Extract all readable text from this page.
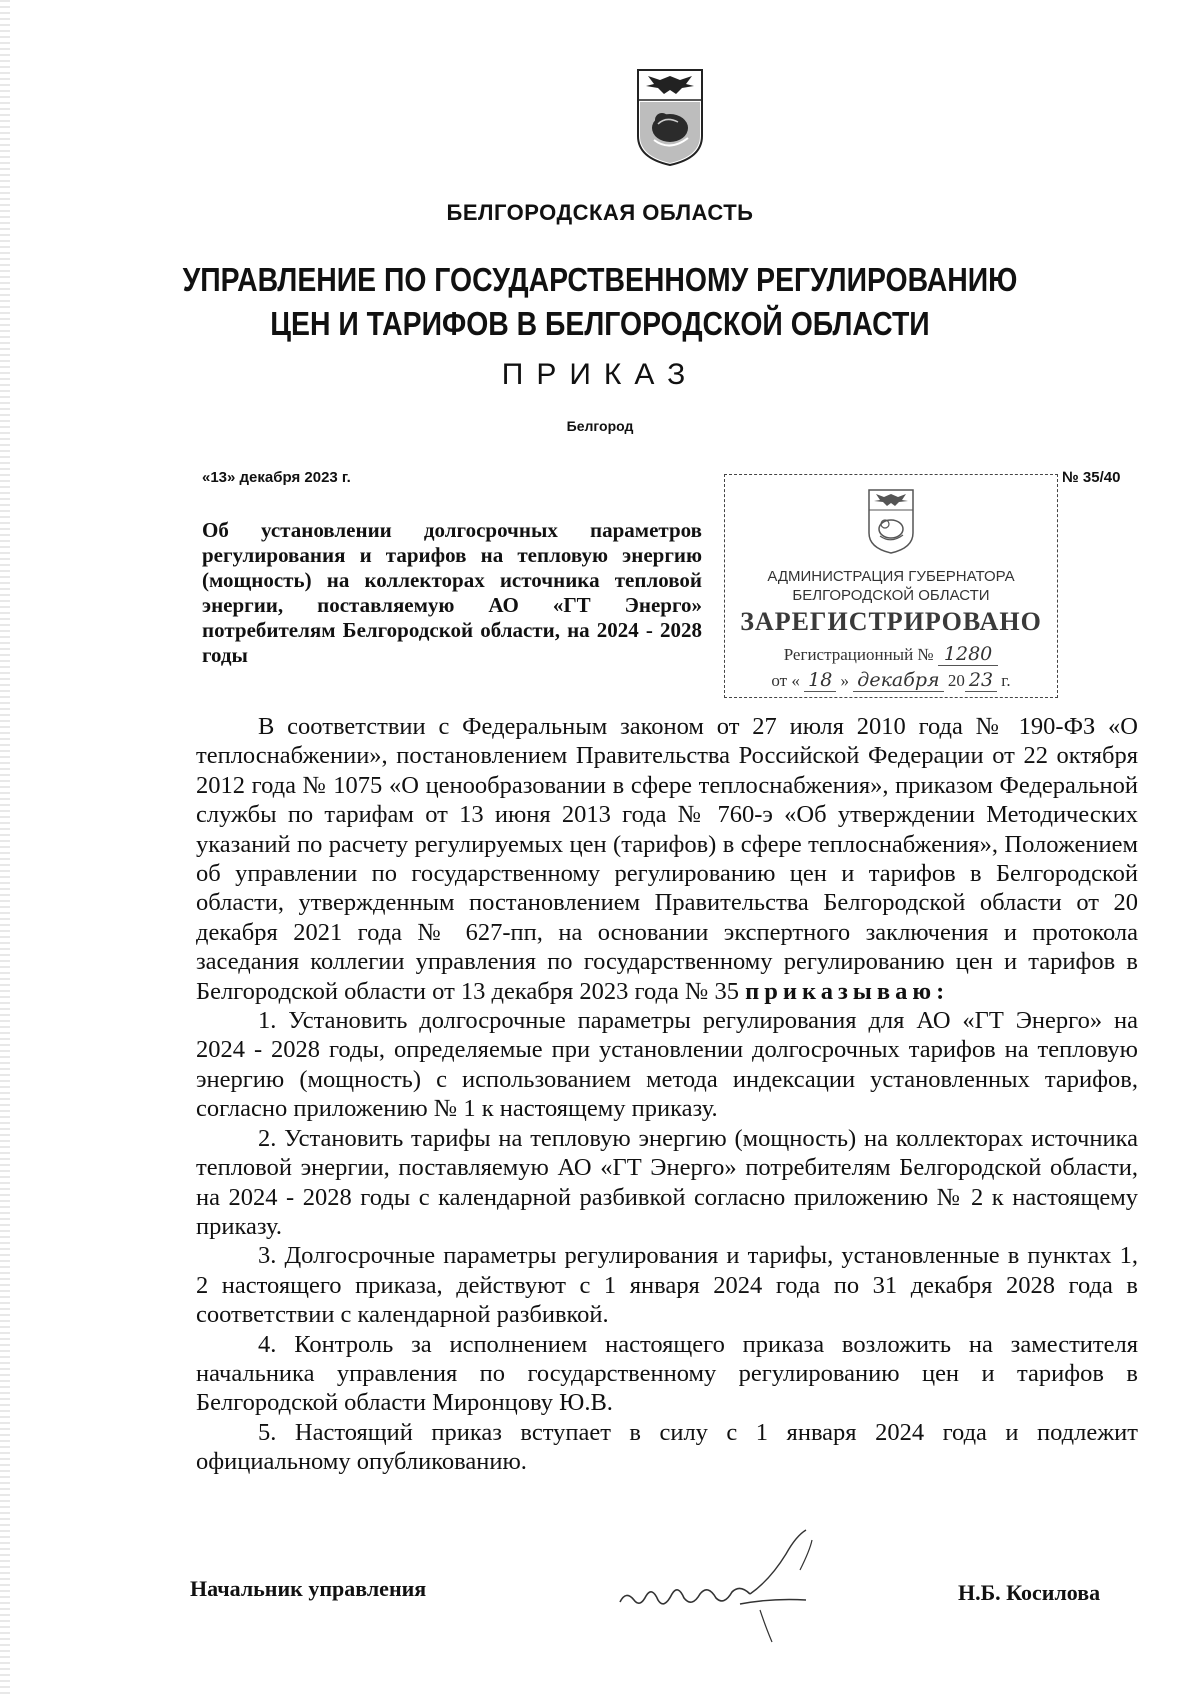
БЕЛГОРОДСКАЯ ОБЛАСТЬ
УПРАВЛЕНИЕ ПО ГОСУДАРСТВЕННОМУ РЕГУЛИРОВАНИЮ
ЦЕН И ТАРИФОВ В БЕЛГОРОДСКОЙ ОБЛАСТИ
ПРИКАЗ
Белгород
«13» декабря 2023 г.	№ 35/40
Об установлении долгосрочных параметров регулирования и тарифов на тепловую энергию (мощность) на коллекторах источника тепловой энергии, поставляемую АО «ГТ Энерго» потребителям Белгородской области, на 2024 - 2028 годы
АДМИНИСТРАЦИЯ ГУБЕРНАТОРА
БЕЛГОРОДСКОЙ ОБЛАСТИ
ЗАРЕГИСТРИРОВАНО
Регистрационный № 1280
от « 18 » декабря 20 23 г.

В соответствии с Федеральным законом от 27 июля 2010 года № 190-ФЗ «О теплоснабжении», постановлением Правительства Российской Федерации от 22 октября 2012 года № 1075 «О ценообразовании в сфере теплоснабжения», приказом Федеральной службы по тарифам от 13 июня 2013 года № 760-э «Об утверждении Методических указаний по расчету регулируемых цен (тарифов) в сфере теплоснабжения», Положением об управлении по государственному регулированию цен и тарифов в Белгородской области, утвержденным постановлением Правительства Белгородской области от 20 декабря 2021 года № 627-пп, на основании экспертного заключения и протокола заседания коллегии управления по государственному регулированию цен и тарифов в Белгородской области от 13 декабря 2023 года № 35 приказываю:

1. Установить долгосрочные параметры регулирования для АО «ГТ Энерго» на 2024 - 2028 годы, определяемые при установлении долгосрочных тарифов на тепловую энергию (мощность) с использованием метода индексации установленных тарифов, согласно приложению № 1 к настоящему приказу.

2. Установить тарифы на тепловую энергию (мощность) на коллекторах источника тепловой энергии, поставляемую АО «ГТ Энерго» потребителям Белгородской области, на 2024 - 2028 годы с календарной разбивкой согласно приложению № 2 к настоящему приказу.

3. Долгосрочные параметры регулирования и тарифы, установленные в пунктах 1, 2 настоящего приказа, действуют с 1 января 2024 года по 31 декабря 2028 года в соответствии с календарной разбивкой.

4. Контроль за исполнением настоящего приказа возложить на заместителя начальника управления по государственному регулированию цен и тарифов в Белгородской области Миронцову Ю.В.

5. Настоящий приказ вступает в силу с 1 января 2024 года и подлежит официальному опубликованию.

Начальник управления	Н.Б. Косилова
